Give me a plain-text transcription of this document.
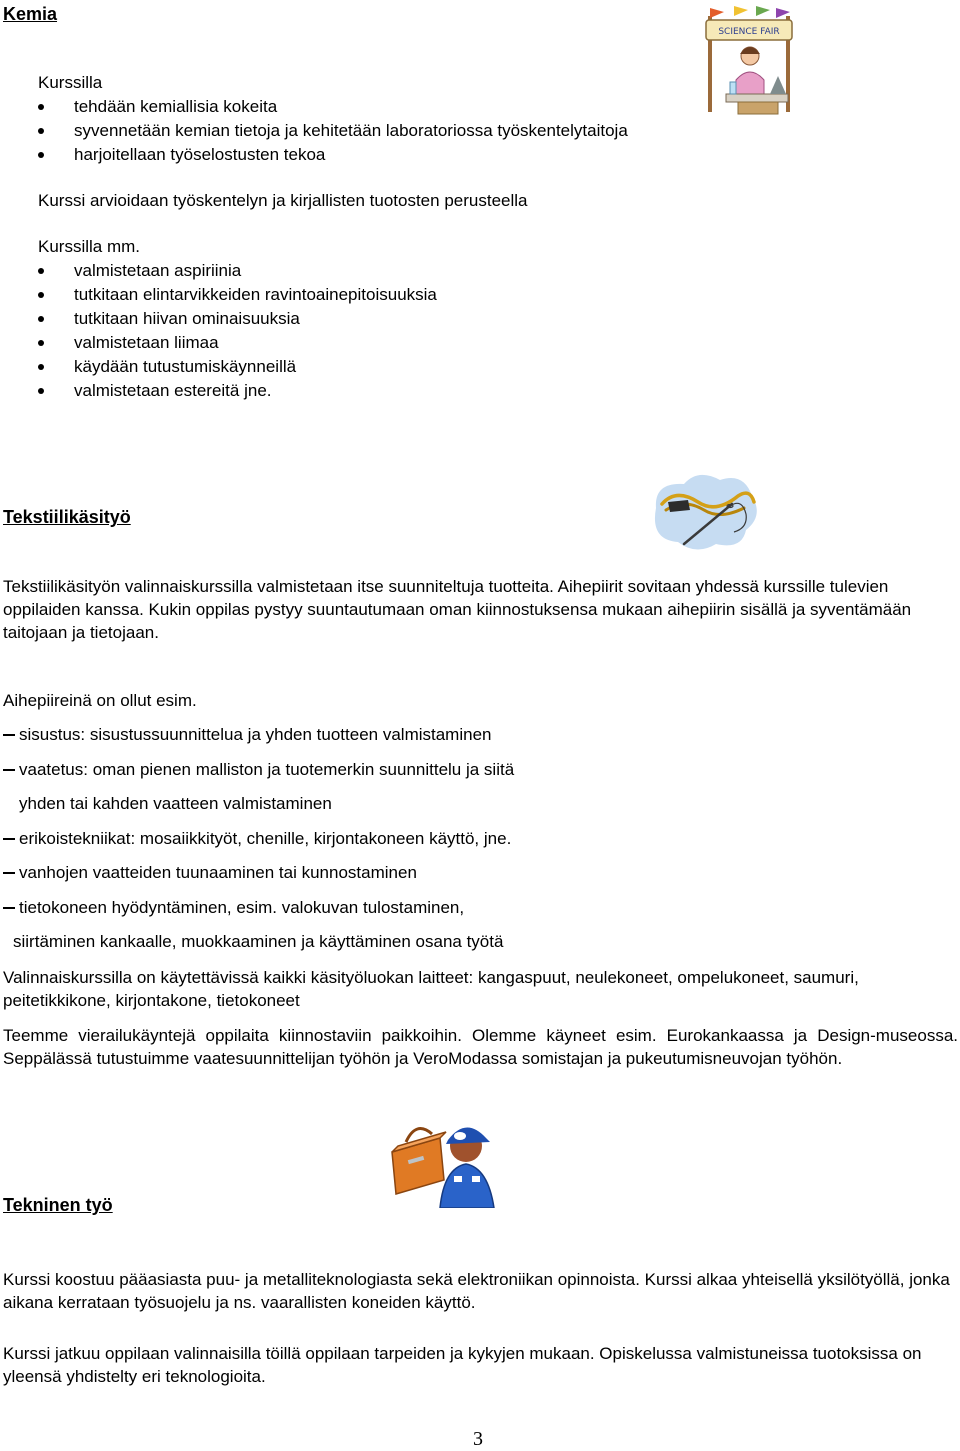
Kemia
SCIENCE FAIR
Kurssilla
tehdään kemiallisia kokeita
syvennetään kemian tietoja ja kehitetään laboratoriossa työskentelytaitoja
harjoitellaan työselostusten tekoa
Kurssi arvioidaan työskentelyn ja kirjallisten tuotosten perusteella
Kurssilla mm.
valmistetaan aspiriinia
tutkitaan elintarvikkeiden ravintoainepitoisuuksia
tutkitaan hiivan ominaisuuksia
valmistetaan liimaa
käydään tutustumiskäynneillä
valmistetaan estereitä jne.
Tekstiilikäsityö

Tekstiilikäsityön valinnaiskurssilla valmistetaan itse suunniteltuja tuotteita. Aihepiirit sovitaan yhdessä kurssille tulevien oppilaiden kanssa. Kukin oppilas pystyy suuntautumaan oman kiinnostuksensa mukaan aihepiirin sisällä ja syventämään taitojaan ja tietojaan.

Aihepiireinä on ollut esim.
sisustus: sisustussuunnittelua ja yhden tuotteen valmistaminen
vaatetus: oman pienen malliston ja tuotemerkin suunnittelu ja siitä
yhden tai kahden vaatteen valmistaminen
erikoistekniikat: mosaiikkityöt, chenille, kirjontakoneen käyttö, jne.
vanhojen vaatteiden tuunaaminen tai kunnostaminen
tietokoneen hyödyntäminen, esim. valokuvan tulostaminen,
siirtäminen kankaalle, muokkaaminen ja käyttäminen osana työtä

Valinnaiskurssilla on käytettävissä kaikki käsityöluokan laitteet: kangaspuut, neulekoneet, ompelukoneet, saumuri, peitetikkikone, kirjontakone, tietokoneet

Teemme vierailukäyntejä oppilaita kiinnostaviin paikkoihin. Olemme käyneet esim. Eurokankaassa ja Design-museossa. Seppälässä tutustuimme vaatesuunnittelijan työhön ja VeroModassa somistajan ja pukeutumisneuvojan työhön.

Tekninen työ

Kurssi koostuu pääasiasta puu- ja metalliteknologiasta sekä elektroniikan opinnoista. Kurssi alkaa yhteisellä yksilötyöllä, jonka aikana kerrataan työsuojelu ja ns. vaarallisten koneiden käyttö.

Kurssi jatkuu oppilaan valinnaisilla töillä oppilaan tarpeiden ja kykyjen mukaan. Opiskelussa valmistuneissa tuotoksissa on yleensä yhdistelty eri teknologioita.

3
